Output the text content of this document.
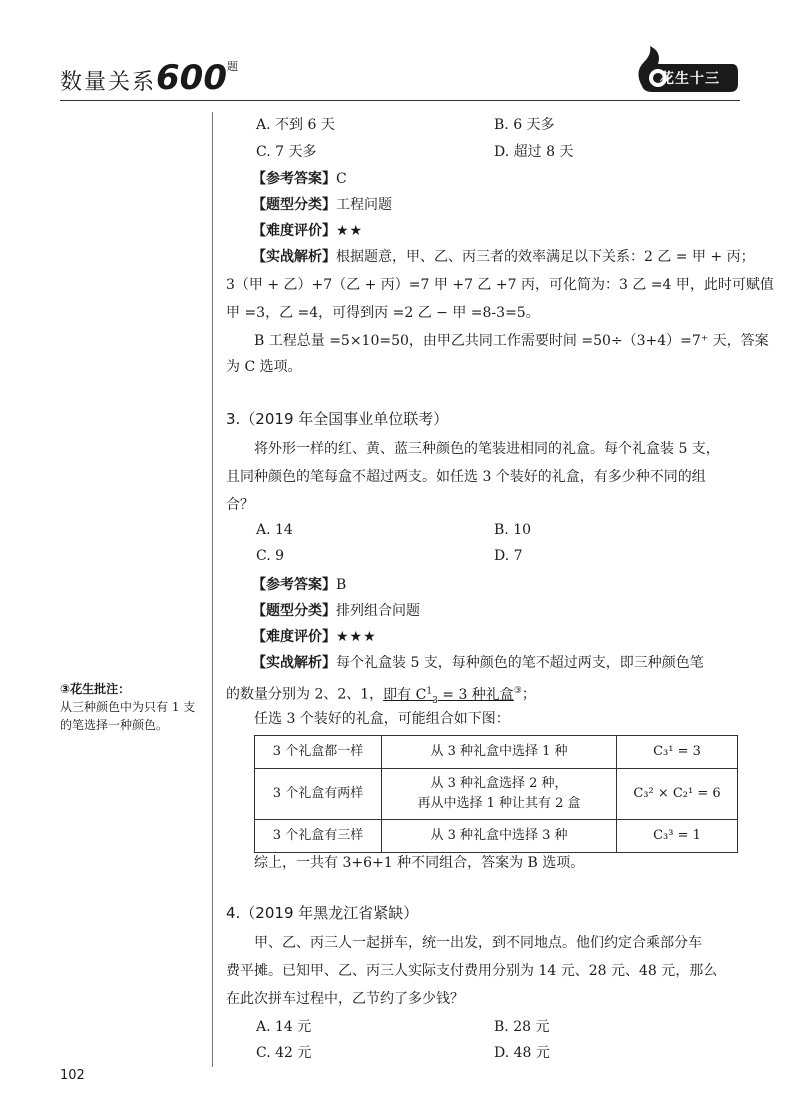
数量关系$600^题$
花生十三
A. 不到 6 天	B. 6 天多
C. 7 天多	D. 超过 8 天
【参考答案】C
【题型分类】工程问题
【难度评价】★★
【实战解析】根据题意，甲、乙、丙三者的效率满足以下关系：2 乙 = 甲 + 丙；
3（甲 + 乙）+7（乙 + 丙）=7 甲 +7 乙 +7 丙，可化简为：3 乙 =4 甲，此时可赋值
甲 =3，乙 =4，可得到丙 =2 乙 − 甲 =8-3=5。
B 工程总量 =5×10=50，由甲乙共同工作需要时间 =50÷（3+4）=7⁺ 天，答案
为 C 选项。
3.（2019 年全国事业单位联考）
将外形一样的红、黄、蓝三种颜色的笔装进相同的礼盒。每个礼盒装 5 支，
且同种颜色的笔每盒不超过两支。如任选 3 个装好的礼盒，有多少种不同的组
合？
A. 14	B. 10
C. 9	D. 7
【参考答案】B
【题型分类】排列组合问题
【难度评价】★★★
【实战解析】每个礼盒装 5 支，每种颜色的笔不超过两支，即三种颜色笔
的数量分别为 2、2、1，即有 $C^1_3 = 3$ 种礼盒③；
任选 3 个装好的礼盒，可能组合如下图：
3 个礼盒都一样	从 3 种礼盒中选择 1 种	C₃¹ = 3
3 个礼盒有两样	从 3 种礼盒选择 2 种，
再从中选择 1 种让其有 2 盒	C₃² × C₂¹ = 6
3 个礼盒有三样	从 3 种礼盒中选择 3 种	C₃³ = 1
综上，一共有 3+6+1 种不同组合，答案为 B 选项。
③花生批注：
从三种颜色中为只有 1 支
的笔选择一种颜色。
4.（2019 年黑龙江省紧缺）
甲、乙、丙三人一起拼车，统一出发，到不同地点。他们约定合乘部分车
费平摊。已知甲、乙、丙三人实际支付费用分别为 14 元、28 元、48 元，那么
在此次拼车过程中，乙节约了多少钱？
A. 14 元	B. 28 元
C. 42 元	D. 48 元
102
